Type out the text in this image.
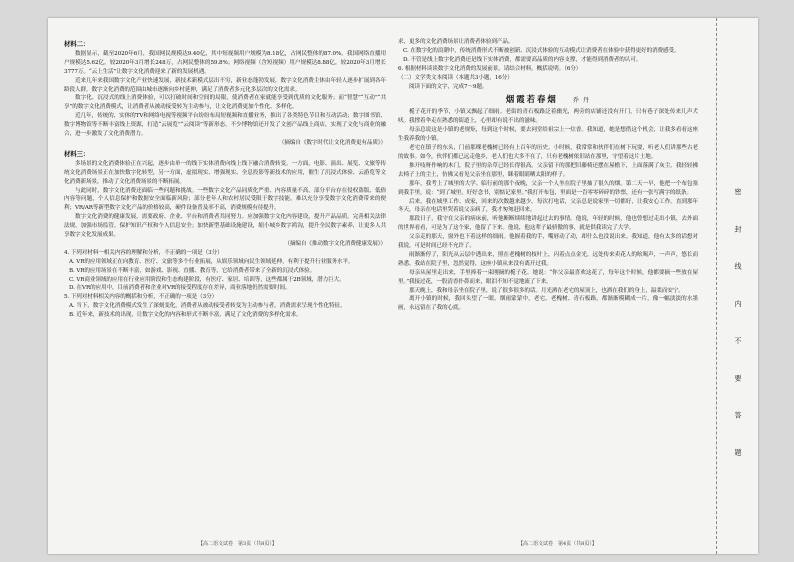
材料二：

数据显示，截至2020年6月，我国网民规模达9.40亿，其中短视频用户规模为8.18亿，占网民整体的87.0%。我国网络直播用户规模达5.62亿，较2020年3月增长248万，占网民整体的59.8%；网络视频（含短视频）用户规模达8.88亿，较2020年3月增长3777万。“云上生活”让数字文化消费迎来了新的发展机遇。

近来几年来我国数字文化产业快速发展，新技术新模式层出不穷，新业态蓬勃发展，数字文化消费主体由年轻人逐步扩展到各年龄段人群，数字文化消费的范围由城市逐渐向乡村延伸，满足了消费者多元化多层次的文化需求。

数字化、沉浸式的线上消费体验，可以打破时间和空间的局限，使消费者在家就能享受到优质的文化服务；而“智慧”“互动”“共享”的数字文化消费模式，让消费者从被动接受转为主动参与，让文化消费更加个性化、多样化。

近几年，传统的、实体的TV和网络电视等视频平台纷纷布局短视频和直播业务，推出了各类特色节目和互动活动；数字图书馆、数字博物馆等不断丰富线上资源，打造“云展览”“云阅读”等新形态，不少博物馆还开发了文创产品线上商店，实现了文化与商业的融合，进一步激发了文化消费潜力。

（摘编自《数字时代让文化消费更有品质》）

材料三：

多场景的文化消费体验正在兴起，逐步由单一的线下实体消费向线上线下融合消费转变。一方面，电影、演出、展览、文旅等传统文化消费场景正在加快数字化转型，另一方面，虚拟现实、增强现实、全息投影等新技术的应用，催生了沉浸式体验、云游览等文化消费新场景，推动了文化消费场景的不断拓展。

与此同时，数字文化消费还面临一些问题和挑战。一些数字文化产品同质化严重、内容质量不高，部分平台存在侵权盗版、低俗内容等问题，个人信息保护和数据安全面临新风险；部分老年人和农村居民受限于数字技能，难以充分享受数字文化消费带来的便利；VR/AR等新型数字文化产品的价格较高，硬件设备普及率不高，消费规模有待提升。

数字文化消费的健康发展，需要政府、企业、平台和消费者共同努力。应加强数字文化内容建设，提升产品品质，完善相关法律法规，加强市场监管，保护知识产权和个人信息安全；加快新型基础设施建设，缩小城乡数字鸿沟，提升全民数字素养，让更多人共享数字文化发展成果。

（摘编自《推动数字文化消费健康发展》）

4. 下列对材料一相关内容的理解和分析，不正确的一项是（3分）

A. VR的应用领域正在向教育、医疗、文旅等多个行业拓展，从娱乐领域向民生领域延伸，有利于提升行业服务水平。

B. VR的应用场景在不断丰富，如游戏、影视、直播、教育等，它给消费者带来了全新的沉浸式体验。

C. VR商业领域的应用在行业应用阶段和生态构建阶段，有医疗、家居、培训等，这些都属于2B领域，潜力巨大。

D. 在VR的应用中，目前消费者和企业对VR的接受程度存在差异，商业落地仍然需要时间。

5. 下列对材料相关内容的概括和分析，不正确的一项是（3分）

A. 当下，数字文化消费模式发生了深刻变化，消费者从被动接受者转变为主动参与者，消费需求呈现个性化特征。

B. 近年来，新技术的出现，让数字文化的内容和形式不断丰富，满足了文化消费的多样化需求。

求，更多的文化消费场景让消费者体验到产品。

C. 在数字化的浪潮中，传统消费形式不断被创新、沉浸式体验的互动模式让消费者在体验中获得更好的消费感受。

D. 不管是线上数字化消费还是线下实体消费，都需要高品质的内容支撑，才能得到消费者的认可。

6. 根据材料谈谈数字文化消费的发展前景。请结合材料，概括说明。（6分）

（二）文学类文本阅读（本题共3小题，16分）

阅读下面的文字，完成7～9题。

烟霞若春烟 乔 丹

栀子花开的季节，小镇又飘起了细雨。老街的青石板路泛着幽光，两旁的店铺还没有开门，只有巷子深处传来几声犬吠。我撑着伞走在熟悉的街道上，心里却有说不出的滋味。

母亲总说这是小镇的老规矩，每到这个时候，要去祠堂给祖宗上一炷香。我知道，她是想借这个机会，让我多看看这座生我养我的小镇。

老宅在镇子的东头，门前那棵老槐树已经有上百年的历史。小时候，我常常和伙伴们在树下玩耍，听老人们讲那些古老的故事。如今，伙伴们都已远走他乡，老人们也大多不在了，只有老槐树依旧站在那里，守望着这片土地。

推开吱呀作响的木门，院子里的杂草已经长得很高。父亲留下的那把旧藤椅还摆在屋檐下，上面落满了灰尘。我轻轻拂去椅子上的尘土，仿佛又看见父亲坐在那里，眯着眼睛晒太阳的样子。

那年，我考上了城里的大学。临行前的那个夜晚，父亲一个人坐在院子里抽了很久的烟。第二天一早，他把一个布包塞到我手里，说：“到了城里，好好念书，别惦记家里。”我打开布包，里面是一沓零零碎碎的钞票，还有一张写满字的纸条。

后来，我在城里工作、成家，回来的次数越来越少。每次打电话，父亲总是说家里一切都好，让我安心工作。直到那年冬天，母亲在电话里哭着说父亲病了，我才匆匆赶回来。

那段日子，我守在父亲的病床前，听他断断续续地讲起过去的事情。他说，年轻的时候，他也曾想过走出小镇，去外面的世界看看，可是为了这个家，他留了下来。他说，他这辈子最骄傲的事，就是供我读完了大学。

父亲走的那天，窗外也下着这样的细雨。他握着我的手，嘴唇动了动，却什么也没说出来。我知道，他有太多的话想对我说，可是时间已经不允许了。

雨渐渐停了，阳光从云层中透出来，照在老槐树的枝叶上，闪着点点金光。远处传来卖花人的吆喝声，一声声，悠长而熟悉。我站在院子里，忽然觉得，这座小镇从来没有离开过我。

母亲从屋里走出来，手里捧着一束刚摘的栀子花。她说：“你父亲最喜欢这花了，每年这个时候，他都要摘一些放在屋里。”我接过花，一股清香扑鼻而来，眼泪不知不觉地流了下来。

那天晚上，我和母亲坐在院子里，说了很多很多的话。月光洒在老宅的屋顶上，也洒在我们的身上，温柔而安宁。

离开小镇的时候，我回头望了一眼。烟雨蒙蒙中，老宅、老槐树、青石板路，都渐渐模糊成一片，像一幅淡淡的水墨画，永远留在了我的心底。

【高二语文试卷　第3页（共8页）】	【高二语文试卷　第4页（共8页）】
密 封 线 内 不 要 答 题
